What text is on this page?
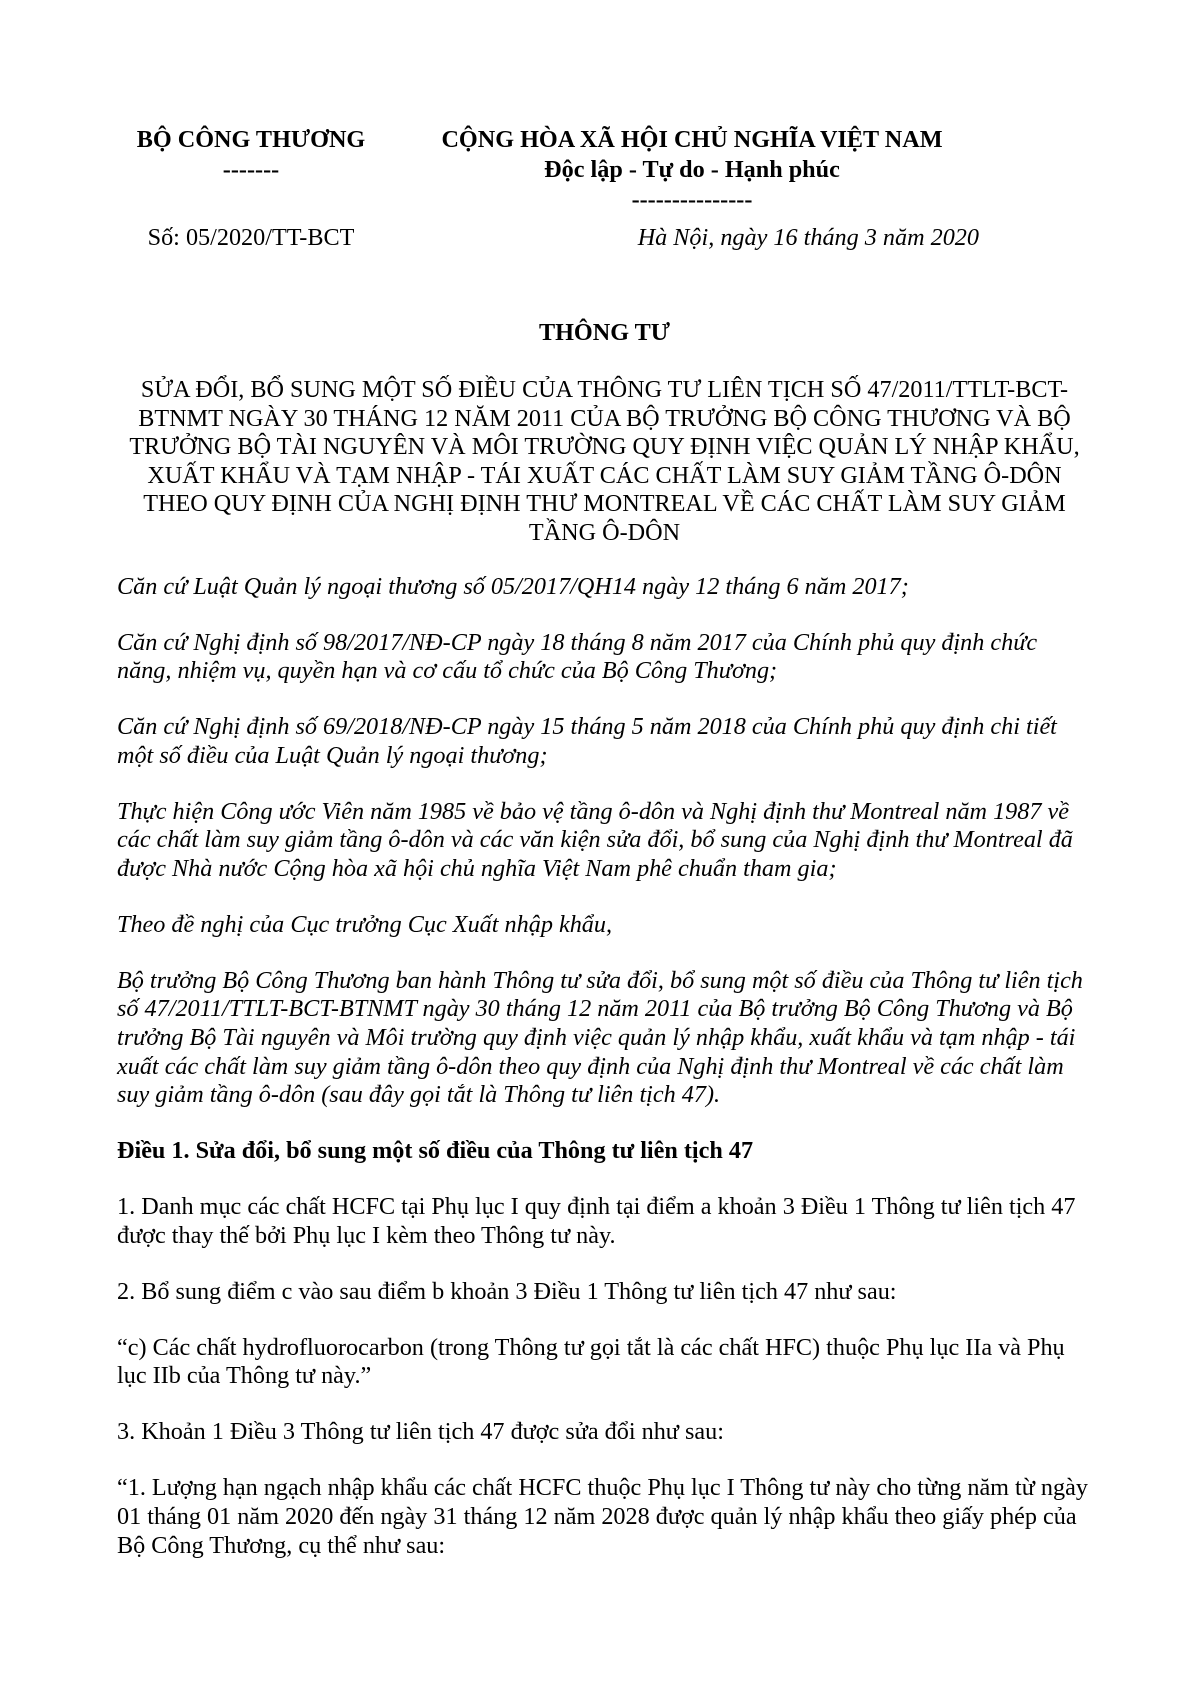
BỘ CÔNG THƯƠNG
-------
Số: 05/2020/TT-BCT
CỘNG HÒA XÃ HỘI CHỦ NGHĨA VIỆT NAM
Độc lập - Tự do - Hạnh phúc
---------------
Hà Nội, ngày 16 tháng 3 năm 2020
THÔNG TƯ
SỬA ĐỔI, BỔ SUNG MỘT SỐ ĐIỀU CỦA THÔNG TƯ LIÊN TỊCH SỐ 47/2011/TTLT-BCT-
BTNMT NGÀY 30 THÁNG 12 NĂM 2011 CỦA BỘ TRƯỞNG BỘ CÔNG THƯƠNG VÀ BỘ
TRƯỞNG BỘ TÀI NGUYÊN VÀ MÔI TRƯỜNG QUY ĐỊNH VIỆC QUẢN LÝ NHẬP KHẨU,
XUẤT KHẨU VÀ TẠM NHẬP - TÁI XUẤT CÁC CHẤT LÀM SUY GIẢM TẦNG Ô-DÔN
THEO QUY ĐỊNH CỦA NGHỊ ĐỊNH THƯ MONTREAL VỀ CÁC CHẤT LÀM SUY GIẢM
TẦNG Ô-DÔN
Căn cứ Luật Quản lý ngoại thương số 05/2017/QH14 ngày 12 tháng 6 năm 2017;
Căn cứ Nghị định số 98/2017/NĐ-CP ngày 18 tháng 8 năm 2017 của Chính phủ quy định chức
năng, nhiệm vụ, quyền hạn và cơ cấu tổ chức của Bộ Công Thương;
Căn cứ Nghị định số 69/2018/NĐ-CP ngày 15 tháng 5 năm 2018 của Chính phủ quy định chi tiết
một số điều của Luật Quản lý ngoại thương;
Thực hiện Công ước Viên năm 1985 về bảo vệ tầng ô-dôn và Nghị định thư Montreal năm 1987 về
các chất làm suy giảm tầng ô-dôn và các văn kiện sửa đổi, bổ sung của Nghị định thư Montreal đã
được Nhà nước Cộng hòa xã hội chủ nghĩa Việt Nam phê chuẩn tham gia;
Theo đề nghị của Cục trưởng Cục Xuất nhập khẩu,
Bộ trưởng Bộ Công Thương ban hành Thông tư sửa đổi, bổ sung một số điều của Thông tư liên tịch
số 47/2011/TTLT-BCT-BTNMT ngày 30 tháng 12 năm 2011 của Bộ trưởng Bộ Công Thương và Bộ
trưởng Bộ Tài nguyên và Môi trường quy định việc quản lý nhập khẩu, xuất khẩu và tạm nhập - tái
xuất các chất làm suy giảm tầng ô-dôn theo quy định của Nghị định thư Montreal về các chất làm
suy giảm tầng ô-dôn (sau đây gọi tắt là Thông tư liên tịch 47).
Điều 1. Sửa đổi, bổ sung một số điều của Thông tư liên tịch 47
1. Danh mục các chất HCFC tại Phụ lục I quy định tại điểm a khoản 3 Điều 1 Thông tư liên tịch 47
được thay thế bởi Phụ lục I kèm theo Thông tư này.
2. Bổ sung điểm c vào sau điểm b khoản 3 Điều 1 Thông tư liên tịch 47 như sau:
“c) Các chất hydrofluorocarbon (trong Thông tư gọi tắt là các chất HFC) thuộc Phụ lục IIa và Phụ
lục IIb của Thông tư này.”
3. Khoản 1 Điều 3 Thông tư liên tịch 47 được sửa đổi như sau:
“1. Lượng hạn ngạch nhập khẩu các chất HCFC thuộc Phụ lục I Thông tư này cho từng năm từ ngày
01 tháng 01 năm 2020 đến ngày 31 tháng 12 năm 2028 được quản lý nhập khẩu theo giấy phép của
Bộ Công Thương, cụ thể như sau:
